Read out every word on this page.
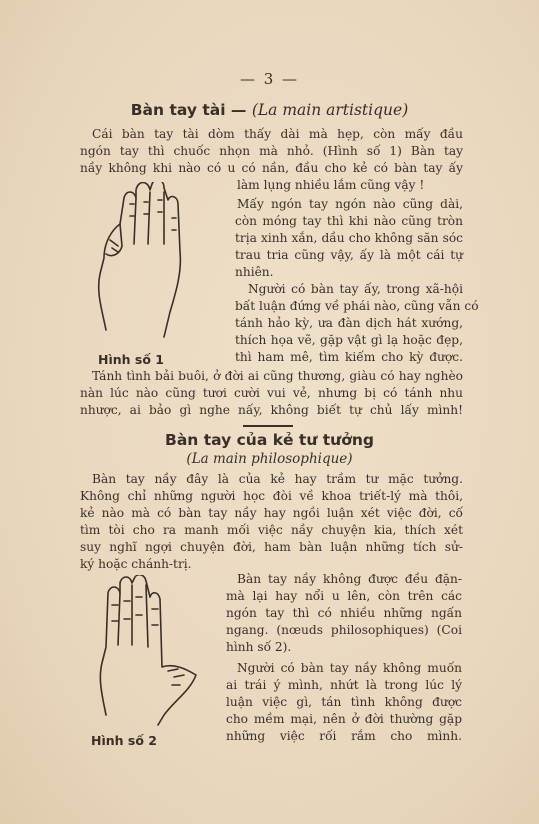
— 3 —
Bàn tay tài — (La main artistique)
Cái bàn tay tài dòm thấy dài mà hẹp, còn mấy đầu
ngón tay thì chuốc nhọn mà nhỏ. (Hình số 1) Bàn tay
nầy không khi nào có u có nần, đầu cho kẻ có bàn tay ấy
làm lụng nhiều lắm cũng vậy !
Mấy ngón tay ngón nào cũng dài,
còn móng tay thì khi nào cũng tròn
trịa xinh xắn, dầu cho không săn sóc
trau tria cũng vậy, ấy là một cái tự
nhiên.
Người có bàn tay ấy, trong xã-hội
bất luận đứng về phái nào, cũng vẫn có
tánh hảo kỳ, ưa đàn dịch hát xướng,
thích họa vẽ, gặp vật gì lạ hoặc đẹp,
thì ham mê, tìm kiếm cho kỳ được.
Hình số 1
Tánh tình bải buôi, ở đời ai cũng thương, giàu có hay nghèo
nàn lúc nào cũng tươi cười vui vẻ, nhưng bị có tánh nhu
nhược, ai bảo gì nghe nấy, không biết tự chủ lấy mình!
Bàn tay của kẻ tư tưởng
(La main philosophique)
Bàn tay nầy đây là của kẻ hay trầm tư mặc tưởng.
Không chỉ những người học đòi về khoa triết-lý mà thôi,
kẻ nào mà có bàn tay nầy hay ngồi luận xét việc đời, cố
tìm tòi cho ra manh mối việc nầy chuyện kia, thích xét
suy nghĩ ngợi chuyện đời, ham bàn luận những tích sử-
ký hoặc chánh-trị.
Bàn tay nầy không được đều đặn-
mà lại hay nổi u lên, còn trên các
ngón tay thì có nhiều những ngấn
ngang. (nœuds philosophiques) (Coi
hình số 2).
Người có bàn tay nầy không muốn
ai trái ý mình, nhứt là trong lúc lý
luận việc gì, tán tình không được
cho mềm mại, nên ở đời thường gặp
những việc rối rắm cho mình.
Hình số 2
